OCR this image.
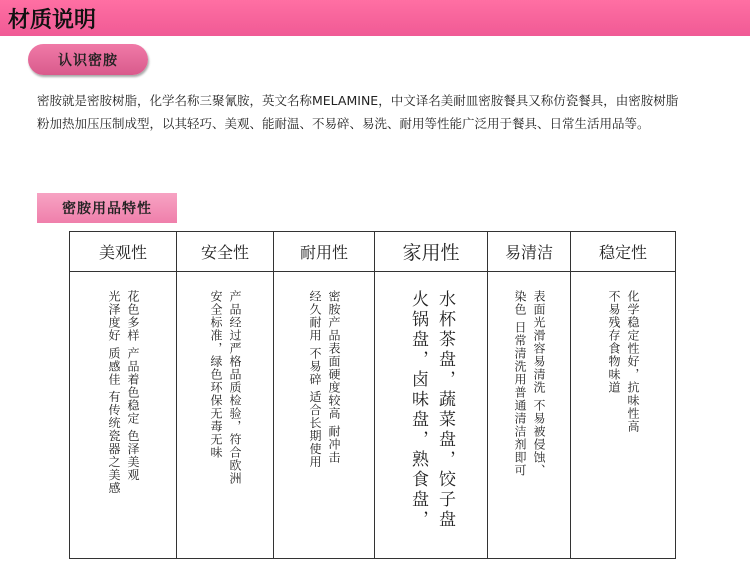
材质说明
认识密胺

密胺就是密胺树脂，化学名称三聚氰胺，英文名称MELAMINE，中文译名美耐皿密胺餐具又称仿瓷餐具，由密胺树脂

粉加热加压压制成型，以其轻巧、美观、能耐温、不易碎、易洗、耐用等性能广泛用于餐具、日常生活用品等。

密胺用品特性
美观性

花色多样 产品着色稳定 色泽美观

光泽度好 质感佳 有传统瓷器之美感

安全性

产品经过严格品质检验，符合欧洲

安全标准，绿色环保无毒无味

耐用性

密胺产品表面硬度较高 耐冲击

经久耐用 不易碎 适合长期使用

家用性

水杯茶盘，蔬菜盘，饺子盘

火锅盘，卤味盘，熟食盘，

易清洁

表面光滑容易清洗 不易被侵蚀、

染色 日常清洗用普通清洁剂即可

稳定性

化学稳定性好，抗味性高

不易残存食物味道
